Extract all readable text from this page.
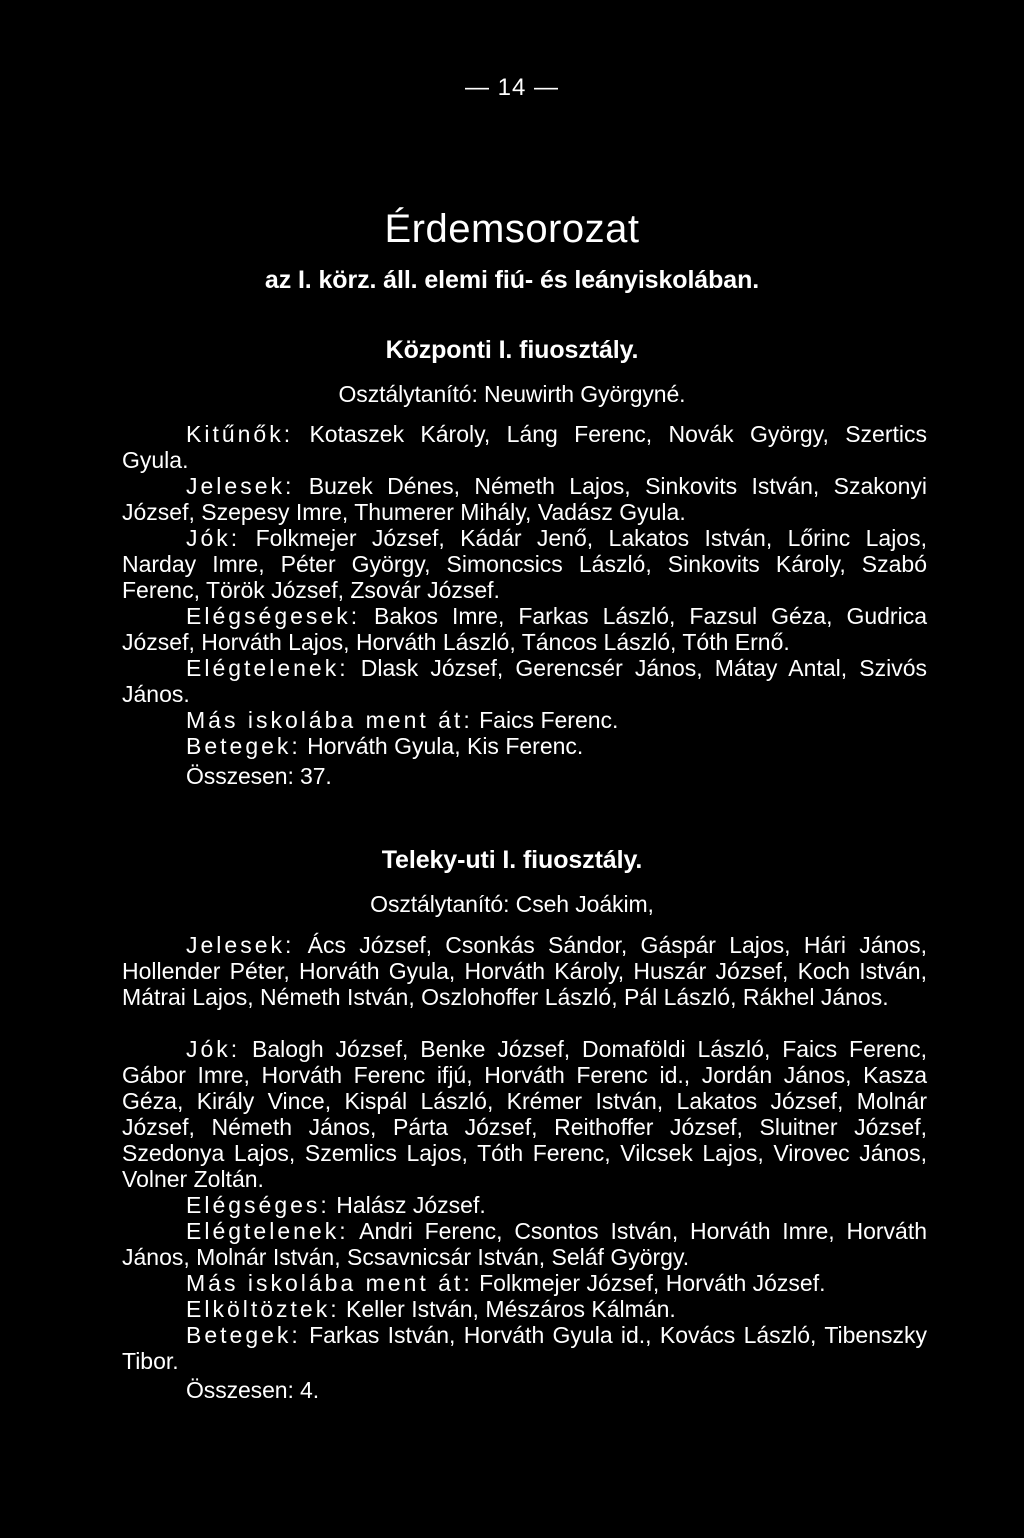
— 14 —
Érdemsorozat
az I. körz. áll. elemi fiú- és leányiskolában.
Központi I. fiuosztály.
Osztálytanító: Neuwirth Györgyné.
Kitűnők: Kotaszek Károly, Láng Ferenc, Novák György, Szertics Gyula.
Jelesek: Buzek Dénes, Németh Lajos, Sinkovits István, Szakonyi József, Szepesy Imre, Thumerer Mihály, Vadász Gyula.
Jók: Folkmejer József, Kádár Jenő, Lakatos István, Lőrinc Lajos, Narday Imre, Péter György, Simoncsics László, Sinkovits Károly, Szabó Ferenc, Török József, Zsovár József.
Elégségesek: Bakos Imre, Farkas László, Fazsul Géza, Gudrica József, Horváth Lajos, Horváth László, Táncos László, Tóth Ernő.
Elégtelenek: Dlask József, Gerencsér János, Mátay Antal, Szivós János.
Más iskolába ment át: Faics Ferenc.
Betegek: Horváth Gyula, Kis Ferenc.
Összesen: 37.
Teleky-uti I. fiuosztály.
Osztálytanító: Cseh Joákim,
Jelesek: Ács József, Csonkás Sándor, Gáspár Lajos, Hári János, Hollender Péter, Horváth Gyula, Horváth Károly, Huszár József, Koch István, Mátrai Lajos, Németh István, Oszlohoffer László, Pál László, Rákhel János.
Jók: Balogh József, Benke József, Domaföldi László, Faics Ferenc, Gábor Imre, Horváth Ferenc ifjú, Horváth Ferenc id., Jordán János, Kasza Géza, Király Vince, Kispál László, Krémer István, Lakatos József, Molnár József, Németh János, Párta József, Reithoffer József, Sluitner József, Szedonya Lajos, Szemlics Lajos, Tóth Ferenc, Vilcsek Lajos, Virovec János, Volner Zoltán.
Elégséges: Halász József.
Elégtelenek: Andri Ferenc, Csontos István, Horváth Imre, Horváth János, Molnár István, Scsavnicsár István, Seláf György.
Más iskolába ment át: Folkmejer József, Horváth József.
Elköltöztek: Keller István, Mészáros Kálmán.
Betegek: Farkas István, Horváth Gyula id., Kovács László, Tibenszky Tibor.
Összesen: 4.
